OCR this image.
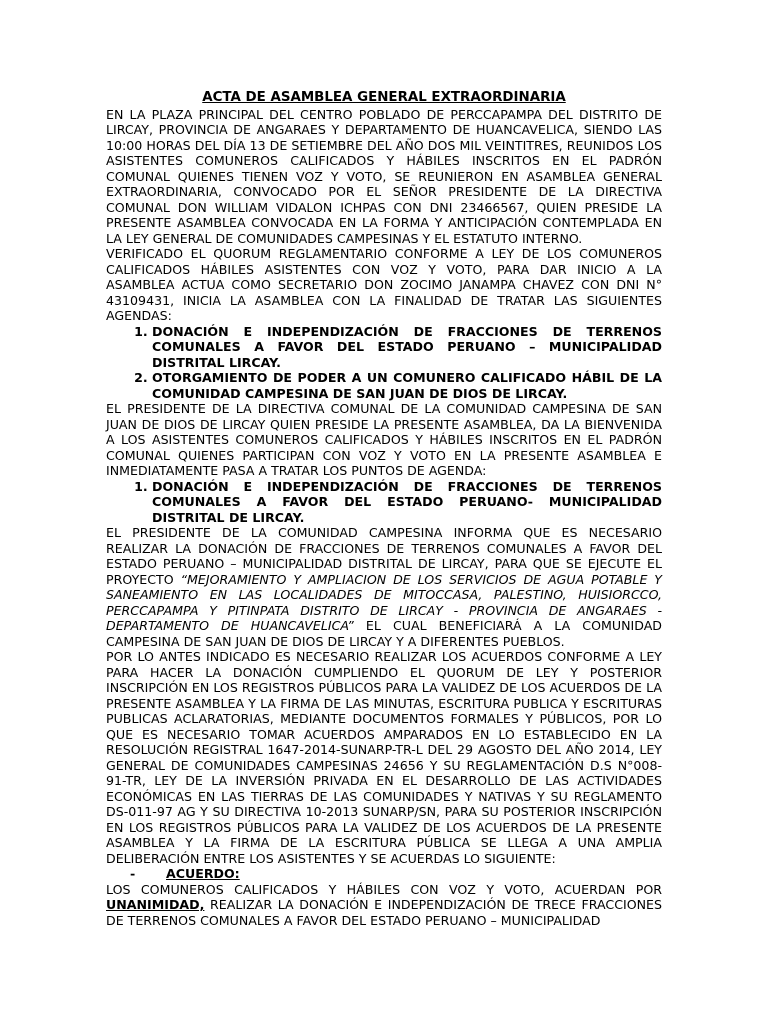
ACTA DE ASAMBLEA GENERAL EXTRAORDINARIA

EN LA PLAZA PRINCIPAL DEL CENTRO POBLADO DE PERCCAPAMPA DEL DISTRITO DE LIRCAY, PROVINCIA DE ANGARAES Y DEPARTAMENTO DE HUANCAVELICA, SIENDO LAS 10:00 HORAS DEL DÍA 13 DE SETIEMBRE DEL AÑO DOS MIL VEINTITRES, REUNIDOS LOS ASISTENTES COMUNEROS CALIFICADOS Y HÁBILES INSCRITOS EN EL PADRÓN COMUNAL QUIENES TIENEN VOZ Y VOTO, SE REUNIERON EN ASAMBLEA GENERAL EXTRAORDINARIA, CONVOCADO POR EL SEÑOR PRESIDENTE DE LA DIRECTIVA COMUNAL DON WILLIAM VIDALON ICHPAS CON DNI 23466567, QUIEN PRESIDE LA PRESENTE ASAMBLEA CONVOCADA EN LA FORMA Y ANTICIPACIÓN CONTEMPLADA EN LA LEY GENERAL DE COMUNIDADES CAMPESINAS Y EL ESTATUTO INTERNO.

VERIFICADO EL QUORUM REGLAMENTARIO CONFORME A LEY DE LOS COMUNEROS CALIFICADOS HÁBILES ASISTENTES CON VOZ Y VOTO, PARA DAR INICIO A LA ASAMBLEA ACTUA COMO SECRETARIO DON ZOCIMO JANAMPA CHAVEZ CON DNI N° 43109431, INICIA LA ASAMBLEA CON LA FINALIDAD DE TRATAR LAS SIGUIENTES AGENDAS:

1. DONACIÓN E INDEPENDIZACIÓN DE FRACCIONES DE TERRENOS COMUNALES A FAVOR DEL ESTADO PERUANO – MUNICIPALIDAD DISTRITAL LIRCAY.
2. OTORGAMIENTO DE PODER A UN COMUNERO CALIFICADO HÁBIL DE LA COMUNIDAD CAMPESINA DE SAN JUAN DE DIOS DE LIRCAY.

EL PRESIDENTE DE LA DIRECTIVA COMUNAL DE LA COMUNIDAD CAMPESINA DE SAN JUAN DE DIOS DE LIRCAY QUIEN PRESIDE LA PRESENTE ASAMBLEA, DA LA BIENVENIDA A LOS ASISTENTES COMUNEROS CALIFICADOS Y HÁBILES INSCRITOS EN EL PADRÓN COMUNAL QUIENES PARTICIPAN CON VOZ Y VOTO EN LA PRESENTE ASAMBLEA E INMEDIATAMENTE PASA A TRATAR LOS PUNTOS DE AGENDA:

1. DONACIÓN E INDEPENDIZACIÓN DE FRACCIONES DE TERRENOS COMUNALES A FAVOR DEL ESTADO PERUANO- MUNICIPALIDAD DISTRITAL DE LIRCAY.

EL PRESIDENTE DE LA COMUNIDAD CAMPESINA INFORMA QUE ES NECESARIO REALIZAR LA DONACIÓN DE FRACCIONES DE TERRENOS COMUNALES A FAVOR DEL ESTADO PERUANO – MUNICIPALIDAD DISTRITAL DE LIRCAY, PARA QUE SE EJECUTE EL PROYECTO “MEJORAMIENTO Y AMPLIACION DE LOS SERVICIOS DE AGUA POTABLE Y SANEAMIENTO EN LAS LOCALIDADES DE MITOCCASA, PALESTINO, HUISIORCCO, PERCCAPAMPA Y PITINPATA DISTRITO DE LIRCAY - PROVINCIA DE ANGARAES - DEPARTAMENTO DE HUANCAVELICA” EL CUAL BENEFICIARÁ A LA COMUNIDAD CAMPESINA DE SAN JUAN DE DIOS DE LIRCAY Y A DIFERENTES PUEBLOS.

POR LO ANTES INDICADO ES NECESARIO REALIZAR LOS ACUERDOS CONFORME A LEY PARA HACER LA DONACIÓN CUMPLIENDO EL QUORUM DE LEY Y POSTERIOR INSCRIPCIÓN EN LOS REGISTROS PÚBLICOS PARA LA VALIDEZ DE LOS ACUERDOS DE LA PRESENTE ASAMBLEA Y LA FIRMA DE LAS MINUTAS, ESCRITURA PUBLICA Y ESCRITURAS PUBLICAS ACLARATORIAS, MEDIANTE DOCUMENTOS FORMALES Y PÚBLICOS, POR LO QUE ES NECESARIO TOMAR ACUERDOS AMPARADOS EN LO ESTABLECIDO EN LA RESOLUCIÓN REGISTRAL 1647-2014-SUNARP-TR-L DEL 29 AGOSTO DEL AÑO 2014, LEY GENERAL DE COMUNIDADES CAMPESINAS 24656 Y SU REGLAMENTACIÓN D.S N°008-91-TR, LEY DE LA INVERSIÓN PRIVADA EN EL DESARROLLO DE LAS ACTIVIDADES ECONÓMICAS EN LAS TIERRAS DE LAS COMUNIDADES Y NATIVAS Y SU REGLAMENTO DS-011-97 AG Y SU DIRECTIVA 10-2013 SUNARP/SN, PARA SU POSTERIOR INSCRIPCIÓN EN LOS REGISTROS PÚBLICOS PARA LA VALIDEZ DE LOS ACUERDOS DE LA PRESENTE ASAMBLEA Y LA FIRMA DE LA ESCRITURA PÚBLICA SE LLEGA A UNA AMPLIA DELIBERACIÓN ENTRE LOS ASISTENTES Y SE ACUERDAS LO SIGUIENTE:

- ACUERDO:

LOS COMUNEROS CALIFICADOS Y HÁBILES CON VOZ Y VOTO, ACUERDAN POR UNANIMIDAD, REALIZAR LA DONACIÓN E INDEPENDIZACIÓN DE TRECE FRACCIONES DE TERRENOS COMUNALES A FAVOR DEL ESTADO PERUANO – MUNICIPALIDAD
